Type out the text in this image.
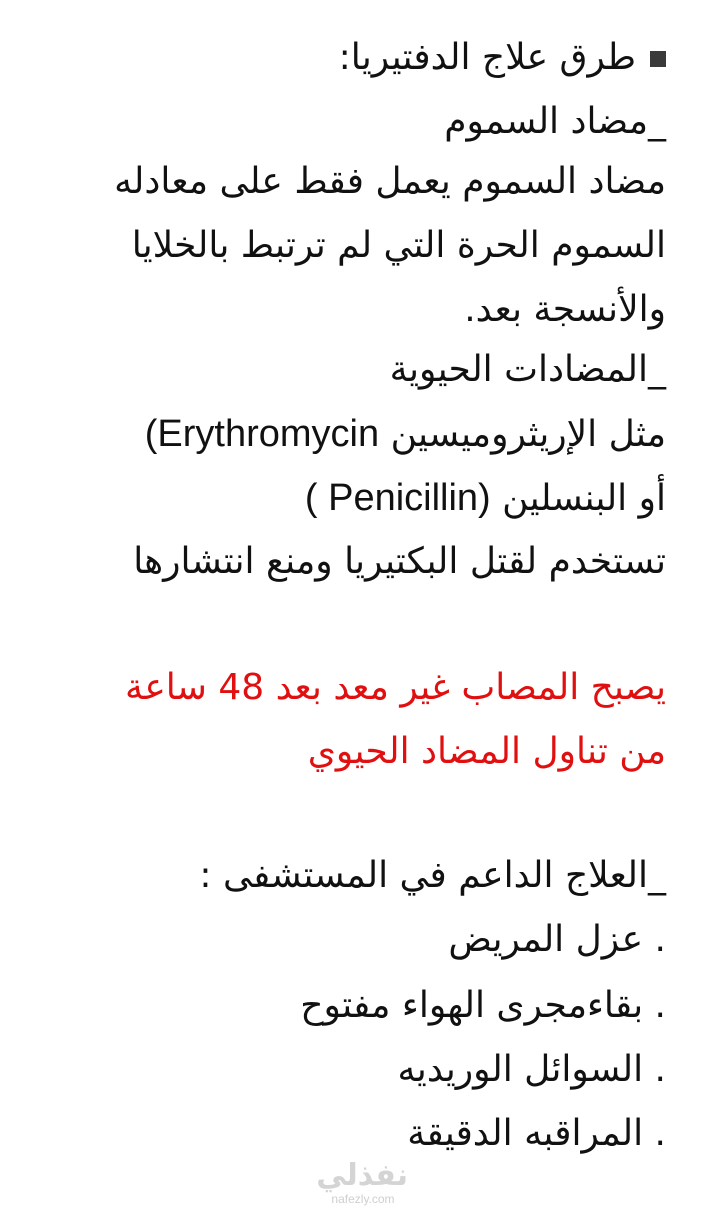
طرق علاج الدفتيريا:
_مضاد السموم
مضاد السموم يعمل فقط على معادله
السموم الحرة التي لم ترتبط بالخلايا
والأنسجة بعد.
_المضادات الحيوية
مثل الإريثروميسين (Erythromycin
أو البنسلين ( Penicillin)
تستخدم لقتل البكتيريا ومنع انتشارها
يصبح المصاب غير معد بعد 48 ساعة
من تناول المضاد الحيوي
_العلاج الداعم في المستشفى :
. عزل المريض
. بقاءمجرى الهواء مفتوح
. السوائل الوريديه
. المراقبه الدقيقة
نفذلي
nafezly.com
